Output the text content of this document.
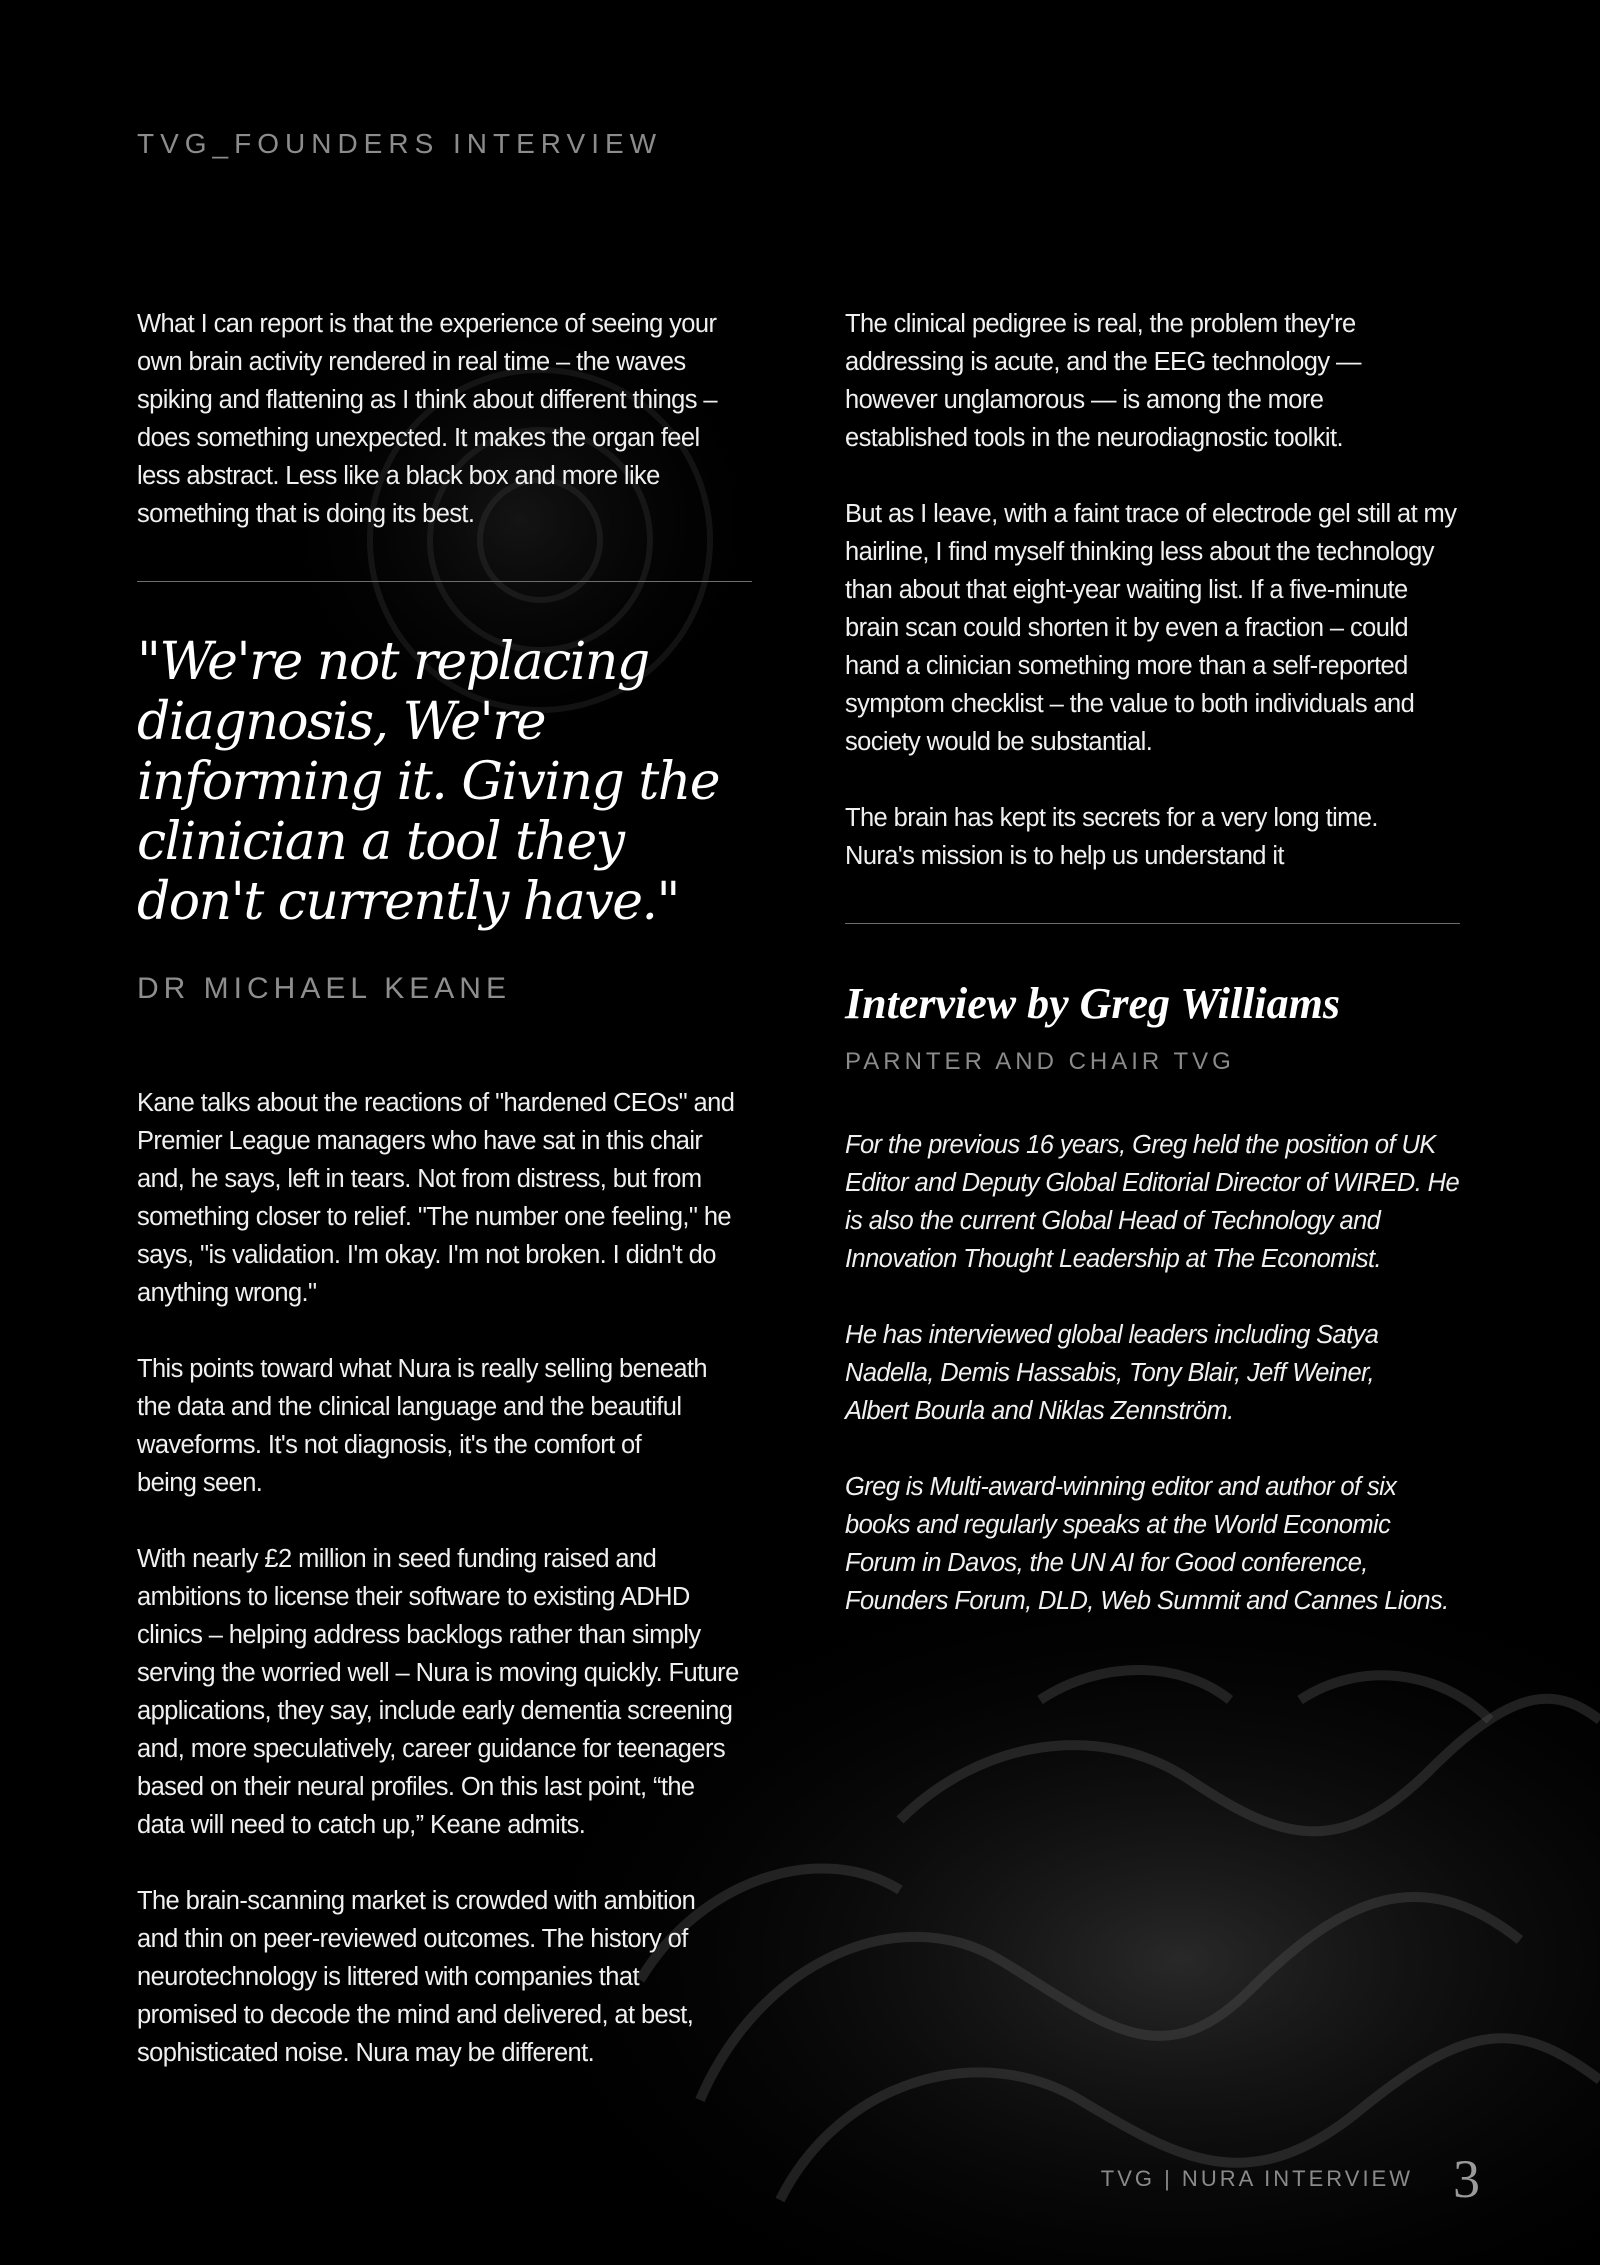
TVG_FOUNDERS INTERVIEW

What I can report is that the experience of seeing your
own brain activity rendered in real time – the waves
spiking and flattening as I think about different things –
does something unexpected. It makes the organ feel
less abstract. Less like a black box and more like
something that is doing its best.

"We're not replacing
diagnosis, We're
informing it. Giving the
clinician a tool they
don't currently have."
DR MICHAEL KEANE

Kane talks about the reactions of "hardened CEOs" and
Premier League managers who have sat in this chair
and, he says, left in tears. Not from distress, but from
something closer to relief. "The number one feeling," he
says, "is validation. I'm okay. I'm not broken. I didn't do
anything wrong."

This points toward what Nura is really selling beneath
the data and the clinical language and the beautiful
waveforms. It's not diagnosis, it's the comfort of
being seen.

With nearly £2 million in seed funding raised and
ambitions to license their software to existing ADHD
clinics – helping address backlogs rather than simply
serving the worried well – Nura is moving quickly. Future
applications, they say, include early dementia screening
and, more speculatively, career guidance for teenagers
based on their neural profiles. On this last point, “the
data will need to catch up,” Keane admits.

The brain-scanning market is crowded with ambition
and thin on peer-reviewed outcomes. The history of
neurotechnology is littered with companies that
promised to decode the mind and delivered, at best,
sophisticated noise. Nura may be different.

The clinical pedigree is real, the problem they're
addressing is acute, and the EEG technology —
however unglamorous — is among the more
established tools in the neurodiagnostic toolkit.

But as I leave, with a faint trace of electrode gel still at my
hairline, I find myself thinking less about the technology
than about that eight-year waiting list. If a five-minute
brain scan could shorten it by even a fraction – could
hand a clinician something more than a self-reported
symptom checklist – the value to both individuals and
society would be substantial.

The brain has kept its secrets for a very long time.
Nura's mission is to help us understand it

Interview by Greg Williams
PARNTER AND CHAIR TVG

For the previous 16 years, Greg held the position of UK
Editor and Deputy Global Editorial Director of WIRED. He
is also the current Global Head of Technology and
Innovation Thought Leadership at The Economist.

He has interviewed global leaders including Satya
Nadella, Demis Hassabis, Tony Blair, Jeff Weiner,
Albert Bourla and Niklas Zennström.

Greg is Multi-award-winning editor and author of six
books and regularly speaks at the World Economic
Forum in Davos, the UN AI for Good conference,
Founders Forum, DLD, Web Summit and Cannes Lions.

TVG | NURA INTERVIEW 3
